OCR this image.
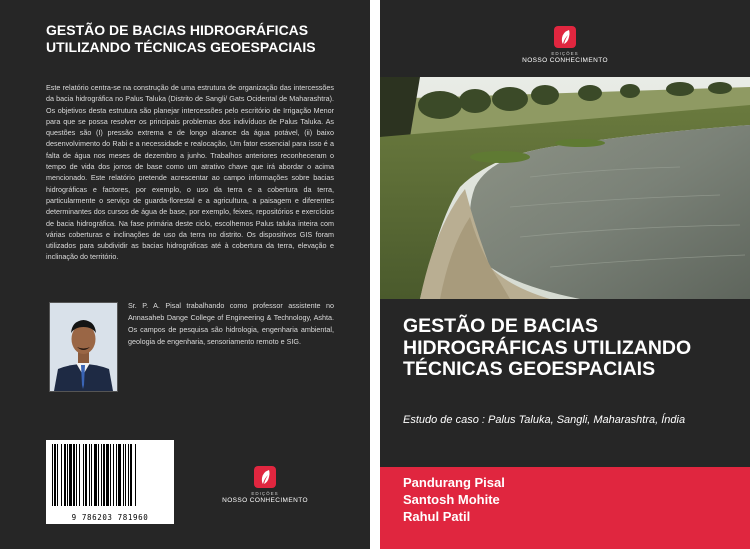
GESTÃO DE BACIAS HIDROGRÁFICAS UTILIZANDO TÉCNICAS GEOESPACIAIS
Este relatório centra-se na construção de uma estrutura de organização das intercessões da bacia hidrográfica no Palus Taluka (Distrito de Sangli/ Gats Ocidental de Maharashtra). Os objetivos desta estrutura são planejar intercessões pelo escritório de Irrigação Menor para que se possa resolver os principais problemas dos indivíduos de Palus Taluka. As questões são (I) pressão extrema e de longo alcance da água potável, (ii) baixo desenvolvimento do Rabi e a necessidade e realocação, Um fator essencial para isso é a falta de água nos meses de dezembro a junho. Trabalhos anteriores reconheceram o tempo de vida dos jorros de base como um atrativo chave que irá abordar o acima mencionado. Este relatório pretende acrescentar ao campo informações sobre bacias hidrográficas e factores, por exemplo, o uso da terra e a cobertura da terra, particularmente o serviço de guarda-florestal e a agricultura, a paisagem e diferentes determinantes dos cursos de água de base, por exemplo, feixes, repositórios e exercícios de bacia hidrográfica. Na fase primária deste ciclo, escolhemos Palus taluka inteira com várias coberturas e inclinações de uso da terra no distrito. Os dispositivos GIS foram utilizados para subdividir as bacias hidrográficas até à cobertura da terra, elevação e inclinação do território.
Sr. P. A. Pisal trabalhando como professor assistente no Annasaheb Dange College of Engineering & Technology, Ashta. Os campos de pesquisa são hidrologia, engenharia ambiental, geologia de engenharia, sensoriamento remoto e SIG.
9 786203 781960
EDIÇÕES
NOSSO CONHECIMENTO
EDIÇÕES
NOSSO CONHECIMENTO
GESTÃO DE BACIAS HIDROGRÁFICAS UTILIZANDO TÉCNICAS GEOESPACIAIS
Estudo de caso : Palus Taluka, Sangli, Maharashtra, Índia
Pandurang Pisal
Santosh Mohite
Rahul Patil
